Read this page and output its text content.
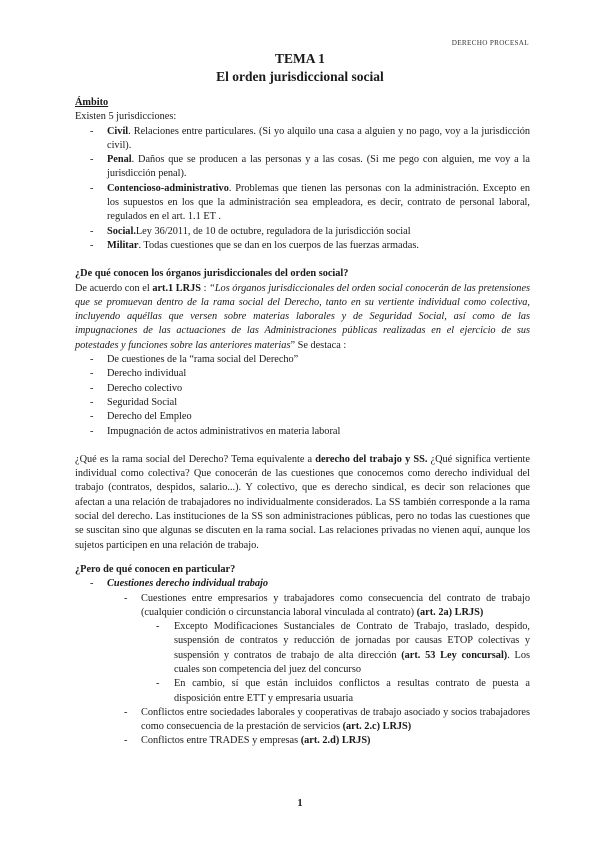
DERECHO PROCESAL
TEMA 1
El orden jurisdiccional social

Ámbito

Existen 5 jurisdicciones:

- Civil. Relaciones entre particulares. (Si yo alquilo una casa a alguien y no pago, voy a la jurisdicción civil).
- Penal. Daños que se producen a las personas y a las cosas. (Si me pego con alguien, me voy a la jurisdicción penal).
- Contencioso-administrativo. Problemas que tienen las personas con la administración. Excepto en los supuestos en los que la administración sea empleadora, es decir, contrato de personal laboral, regulados en el art. 1.1 ET .
- Social.Ley 36/2011, de 10 de octubre, reguladora de la jurisdicción social
- Militar. Todas cuestiones que se dan en los cuerpos de las fuerzas armadas.

¿De qué conocen los órganos jurisdiccionales del orden social?

De acuerdo con el art.1 LRJS : “Los órganos jurisdiccionales del orden social conocerán de las pretensiones que se promuevan dentro de la rama social del Derecho, tanto en su vertiente individual como colectiva, incluyendo aquéllas que versen sobre materias laborales y de Seguridad Social, así como de las impugnaciones de las actuaciones de las Administraciones públicas realizadas en el ejercicio de sus potestades y funciones sobre las anteriores materias” Se destaca :

- De cuestiones de la “rama social del Derecho”
- Derecho individual
- Derecho colectivo
- Seguridad Social
- Derecho del Empleo
- Impugnación de actos administrativos en materia laboral

¿Qué es la rama social del Derecho? Tema equivalente a derecho del trabajo y SS. ¿Qué significa vertiente individual como colectiva? Que conocerán de las cuestiones que conocemos como derecho individual del trabajo (contratos, despidos, salario...). Y colectivo, que es derecho sindical, es decir son relaciones que afectan a una relación de trabajadores no individualmente considerados. La SS también corresponde a la rama social del derecho. Las instituciones de la SS son administraciones públicas, pero no todas las cuestiones que se suscitan sino que algunas se discuten en la rama social. Las relaciones privadas no vienen aquí, aunque los sujetos participen en una relación de trabajo.

¿Pero de qué conocen en particular?

- Cuestiones derecho individual trabajo
- Cuestiones entre empresarios y trabajadores como consecuencia del contrato de trabajo (cualquier condición o circunstancia laboral vinculada al contrato) (art. 2a) LRJS)
- Excepto Modificaciones Sustanciales de Contrato de Trabajo, traslado, despido, suspensión de contratos y reducción de jornadas por causas ETOP colectivas y suspensión y contratos de trabajo de alta dirección (art. 53 Ley concursal). Los cuales son competencia del juez del concurso
- En cambio, sí que están incluidos conflictos a resultas contrato de puesta a disposición entre ETT y empresaria usuaria
- Conflictos entre sociedades laborales y cooperativas de trabajo asociado y socios trabajadores como consecuencia de la prestación de servicios (art. 2.c) LRJS)
- Conflictos entre TRADES y empresas (art. 2.d) LRJS)
1
